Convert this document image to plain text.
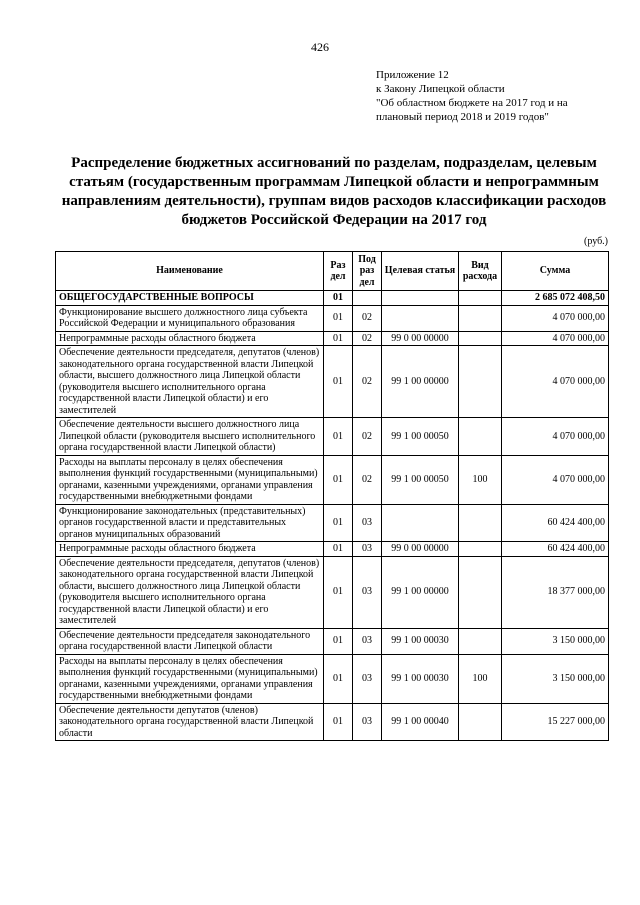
426
Приложение 12
к Закону Липецкой области
"Об областном бюджете на 2017 год и на
плановый период 2018 и 2019 годов"
Распределение бюджетных ассигнований по разделам, подразделам, целевым
статьям (государственным программам Липецкой области и непрограммным
направлениям деятельности), группам видов расходов классификации расходов
бюджетов Российской Федерации на 2017 год
(руб.)
Наименование	Раз дел	Под раз дел	Целевая статья	Вид расхода	Сумма
ОБЩЕГОСУДАРСТВЕННЫЕ ВОПРОСЫ	01				2 685 072 408,50
Функционирование высшего должностного лица субъекта Российской Федерации и муниципального образования	01	02			4 070 000,00
Непрограммные расходы областного бюджета	01	02	99 0 00 00000		4 070 000,00
Обеспечение деятельности председателя, депутатов (членов) законодательного органа государственной власти Липецкой области, высшего должностного лица Липецкой области (руководителя высшего исполнительного органа государственной власти Липецкой области) и его заместителей	01	02	99 1 00 00000		4 070 000,00
Обеспечение деятельности высшего должностного лица Липецкой области (руководителя высшего исполнительного органа государственной власти Липецкой области)	01	02	99 1 00 00050		4 070 000,00
Расходы на выплаты персоналу в целях обеспечения выполнения функций государственными (муниципальными) органами, казенными учреждениями, органами управления государственными внебюджетными фондами	01	02	99 1 00 00050	100	4 070 000,00
Функционирование законодательных (представительных) органов государственной власти и представительных органов муниципальных образований	01	03			60 424 400,00
Непрограммные расходы областного бюджета	01	03	99 0 00 00000		60 424 400,00
Обеспечение деятельности председателя, депутатов (членов) законодательного органа государственной власти Липецкой области, высшего должностного лица Липецкой области (руководителя высшего исполнительного органа государственной власти Липецкой области) и его заместителей	01	03	99 1 00 00000		18 377 000,00
Обеспечение деятельности председателя законодательного органа государственной власти Липецкой области	01	03	99 1 00 00030		3 150 000,00
Расходы на выплаты персоналу в целях обеспечения выполнения функций государственными (муниципальными) органами, казенными учреждениями, органами управления государственными внебюджетными фондами	01	03	99 1 00 00030	100	3 150 000,00
Обеспечение деятельности депутатов (членов) законодательного органа государственной власти Липецкой области	01	03	99 1 00 00040		15 227 000,00
